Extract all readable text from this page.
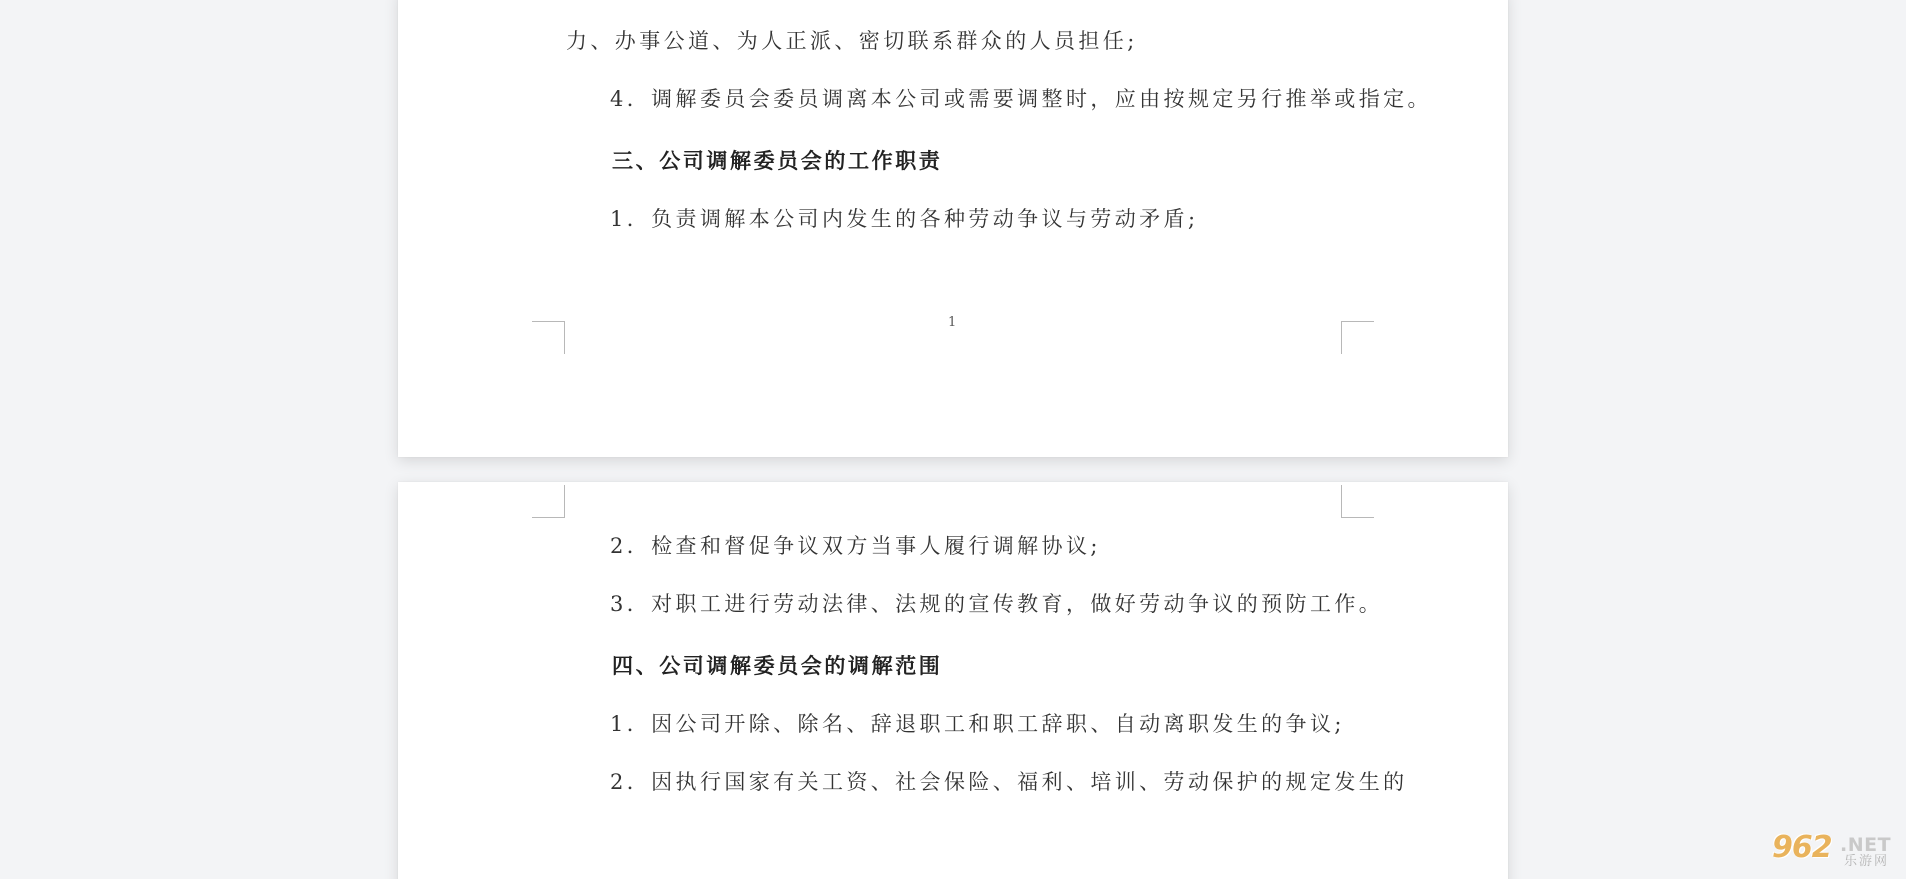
力、办事公道、为人正派、密切联系群众的人员担任;
4．调解委员会委员调离本公司或需要调整时，应由按规定另行推举或指定。
三、公司调解委员会的工作职责
1．负责调解本公司内发生的各种劳动争议与劳动矛盾;
1
2．检查和督促争议双方当事人履行调解协议;
3．对职工进行劳动法律、法规的宣传教育，做好劳动争议的预防工作。
四、公司调解委员会的调解范围
1．因公司开除、除名、辞退职工和职工辞职、自动离职发生的争议;
2．因执行国家有关工资、社会保险、福利、培训、劳动保护的规定发生的
962 .NET
乐游网
